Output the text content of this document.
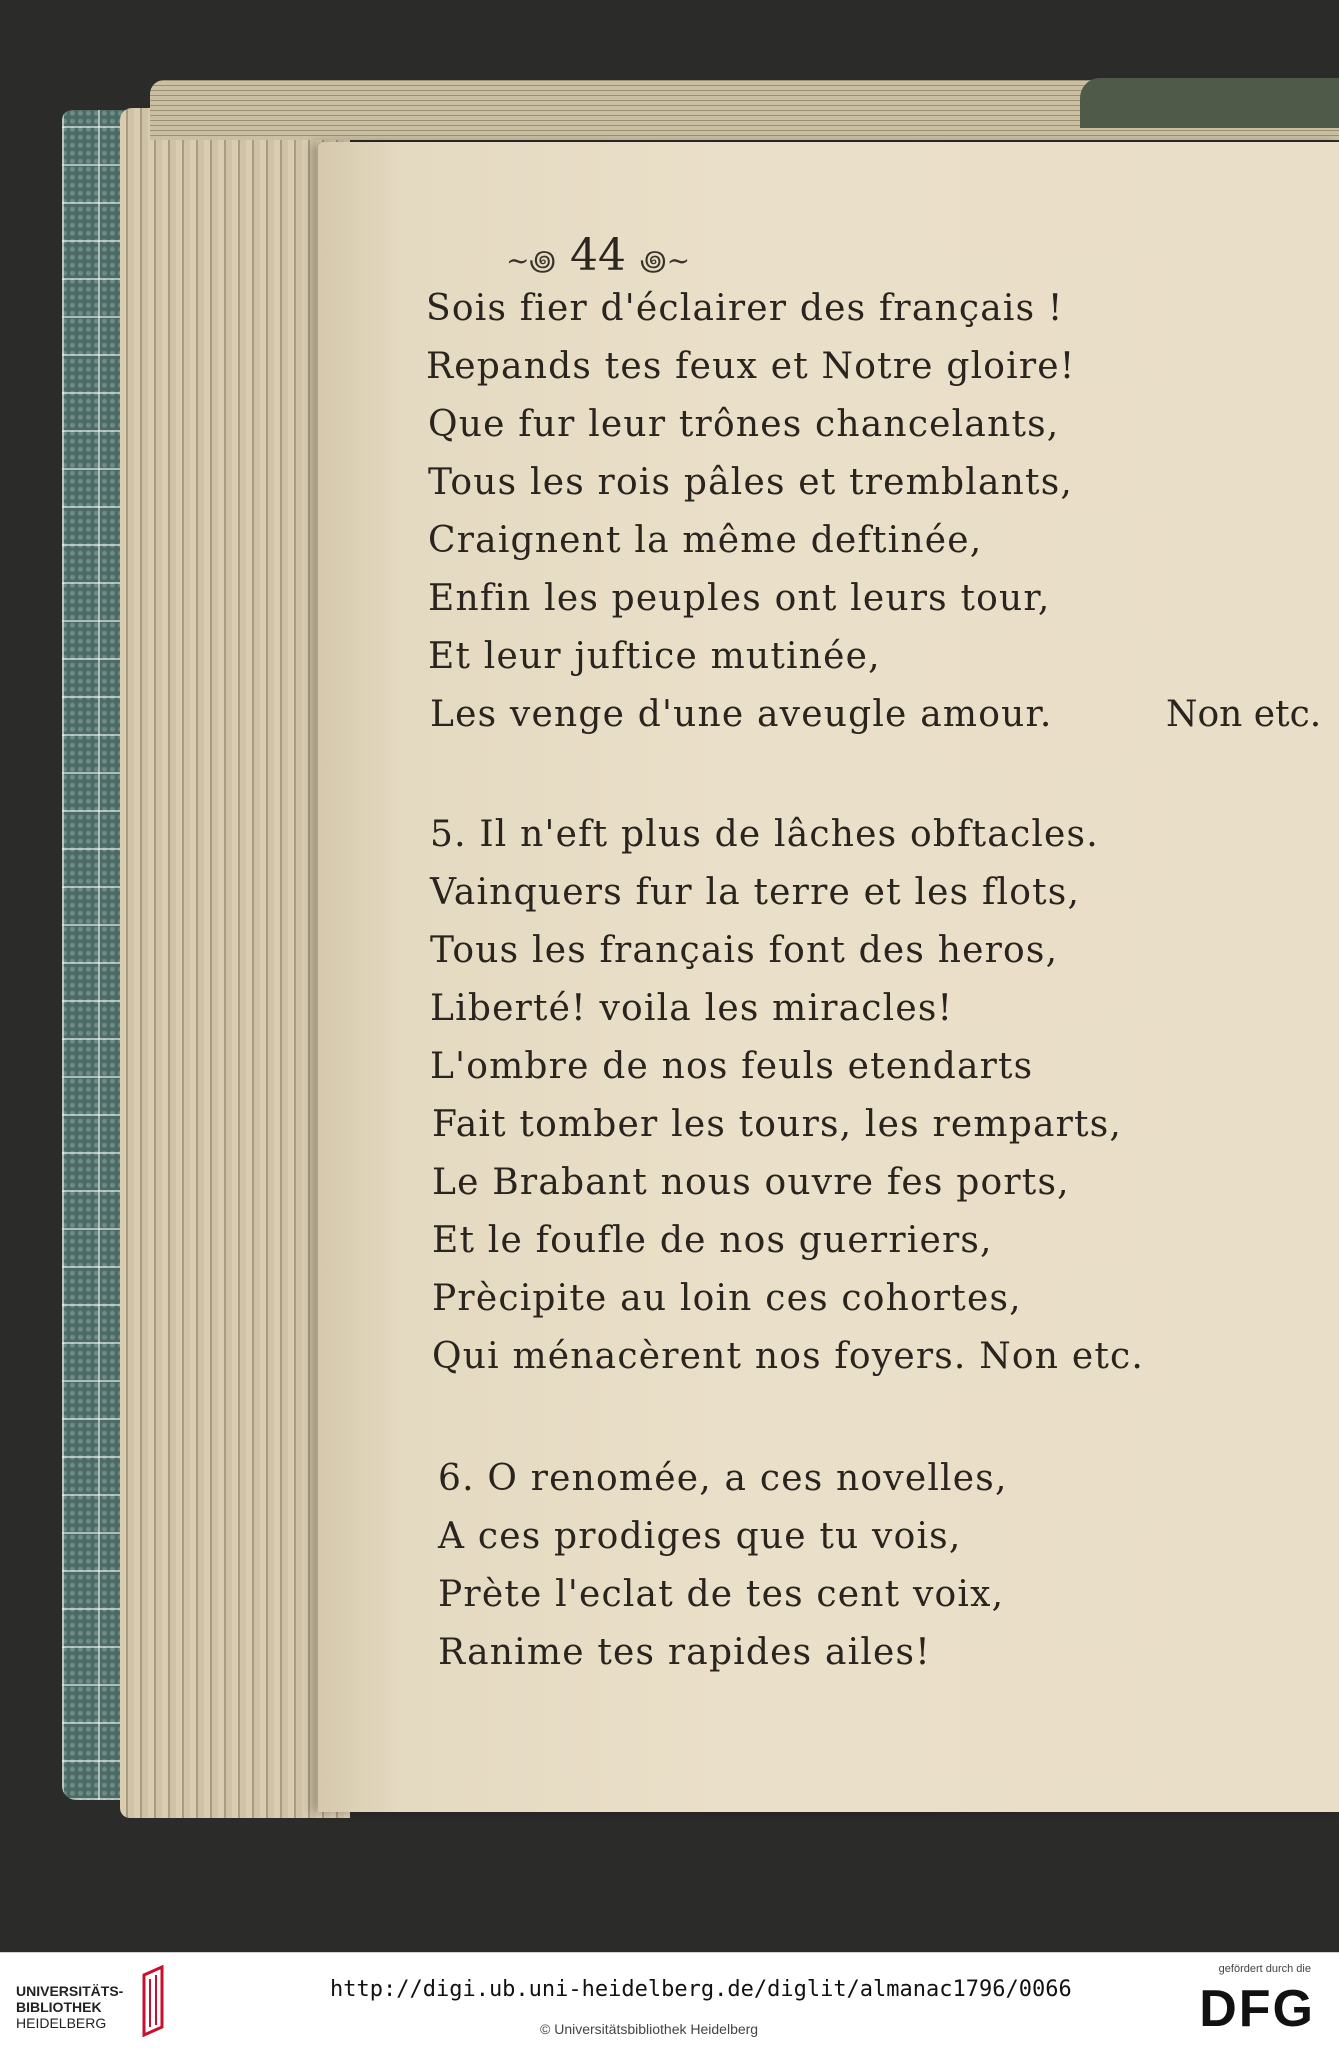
~꩜ 44 ꩜~
Sois fier d'éclairer des français !
Repands tes feux et Notre gloire!
Que fur leur trônes chancelants,
Tous les rois pâles et tremblants,
Craignent la même deftinée,
Enfin les peuples ont leurs tour,
Et leur juftice mutinée,
Les venge d'une aveugle amour.	Non etc.
5. Il n'eft plus de lâches obftacles.
Vainquers fur la terre et les flots,
Tous les français font des heros,
Liberté! voila les miracles!
L'ombre de nos feuls etendarts
Fait tomber les tours, les remparts,
Le Brabant nous ouvre fes ports,
Et le foufle de nos guerriers,
Prècipite au loin ces cohortes,
Qui ménacèrent nos foyers. Non etc.
6. O renomée, a ces novelles,
A ces prodiges que tu vois,
Prète l'eclat de tes cent voix,
Ranime tes rapides ailes!
UNIVERSITÄTS-
BIBLIOTHEK
HEIDELBERG
http://digi.ub.uni-heidelberg.de/diglit/almanac1796/0066
© Universitätsbibliothek Heidelberg
gefördert durch die
DFG
